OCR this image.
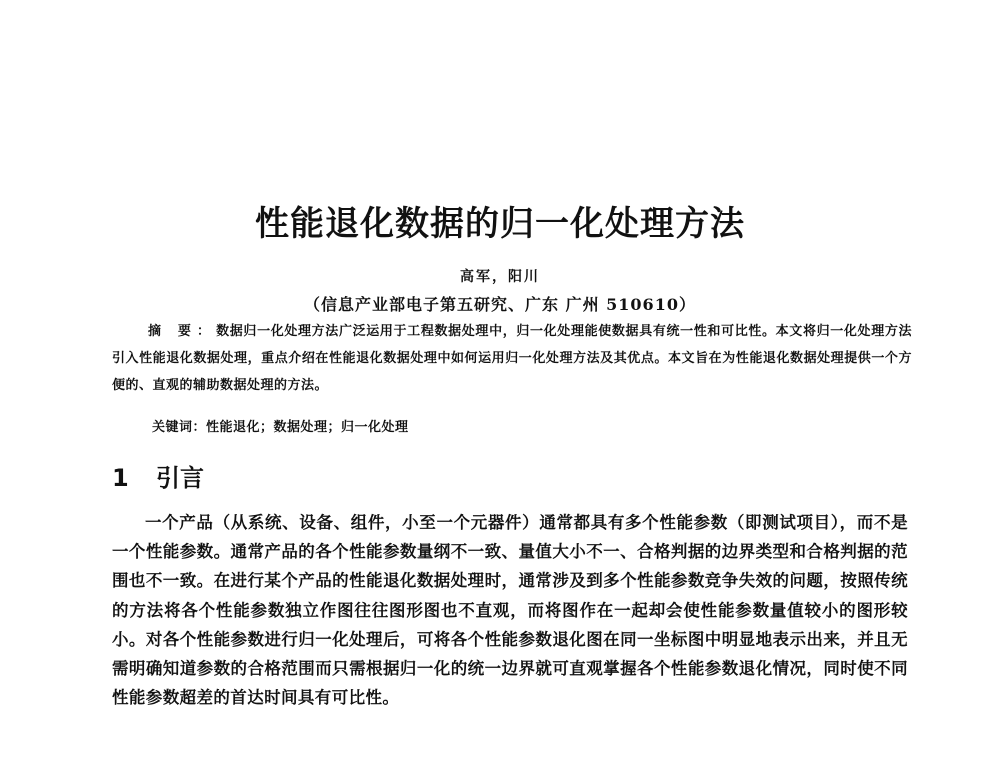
性能退化数据的归一化处理方法
高军，阳川
（信息产业部电子第五研究、广东 广州 510610）
摘 要：数据归一化处理方法广泛运用于工程数据处理中，归一化处理能使数据具有统一性和可比性。本文将归一化处理方法引入性能退化数据处理，重点介绍在性能退化数据处理中如何运用归一化处理方法及其优点。本文旨在为性能退化数据处理提供一个方便的、直观的辅助数据处理的方法。
关键词：性能退化；数据处理；归一化处理
1 引言
一个产品（从系统、设备、组件，小至一个元器件）通常都具有多个性能参数（即测试项目），而不是一个性能参数。通常产品的各个性能参数量纲不一致、量值大小不一、合格判据的边界类型和合格判据的范围也不一致。在进行某个产品的性能退化数据处理时，通常涉及到多个性能参数竞争失效的问题，按照传统的方法将各个性能参数独立作图往往图形图也不直观，而将图作在一起却会使性能参数量值较小的图形较小。对各个性能参数进行归一化处理后，可将各个性能参数退化图在同一坐标图中明显地表示出来，并且无需明确知道参数的合格范围而只需根据归一化的统一边界就可直观掌握各个性能参数退化情况，同时使不同性能参数超差的首达时间具有可比性。
